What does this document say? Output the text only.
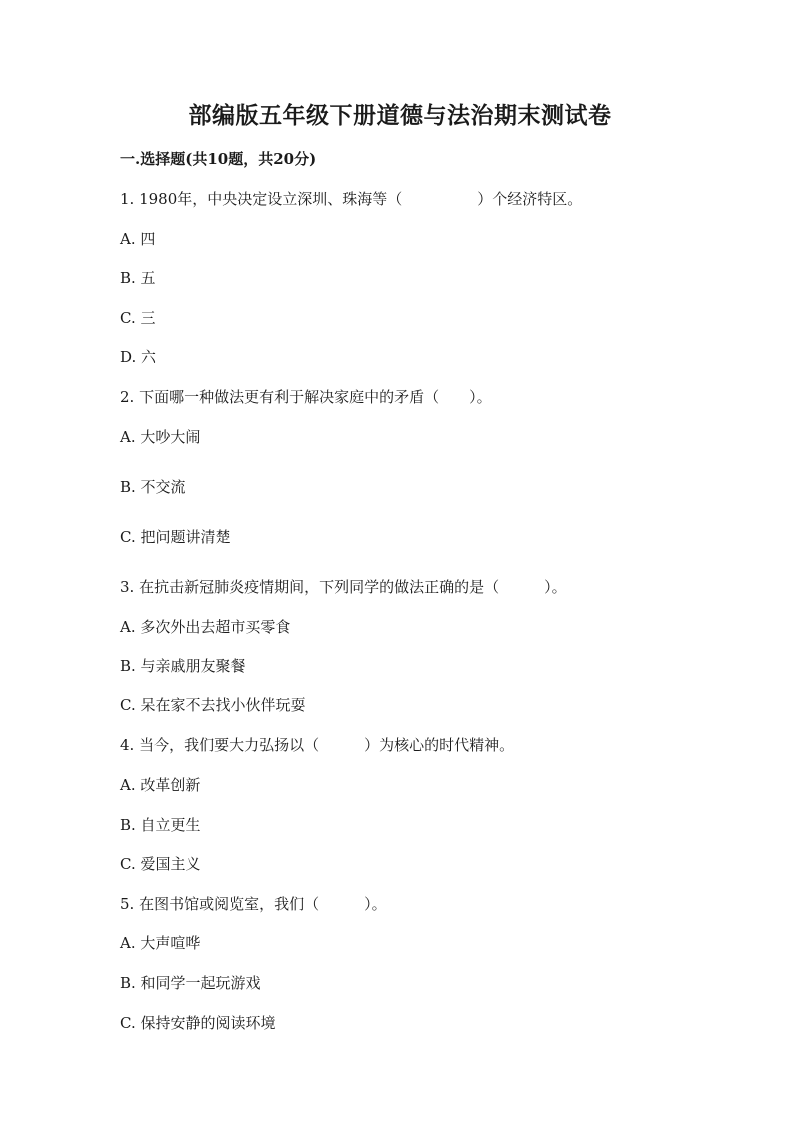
部编版五年级下册道德与法治期末测试卷
一.选择题(共10题，共20分)

1. 1980年，中央决定设立深圳、珠海等（　　　　　）个经济特区。

A. 四

B. 五

C. 三

D. 六

2. 下面哪一种做法更有利于解决家庭中的矛盾（　　）。

A. 大吵大闹

B. 不交流

C. 把问题讲清楚

3. 在抗击新冠肺炎疫情期间，下列同学的做法正确的是（　　　）。

A. 多次外出去超市买零食

B. 与亲戚朋友聚餐

C. 呆在家不去找小伙伴玩耍

4. 当今，我们要大力弘扬以（　　　）为核心的时代精神。

A. 改革创新

B. 自立更生

C. 爱国主义

5. 在图书馆或阅览室，我们（　　　）。

A. 大声喧哗

B. 和同学一起玩游戏

C. 保持安静的阅读环境
